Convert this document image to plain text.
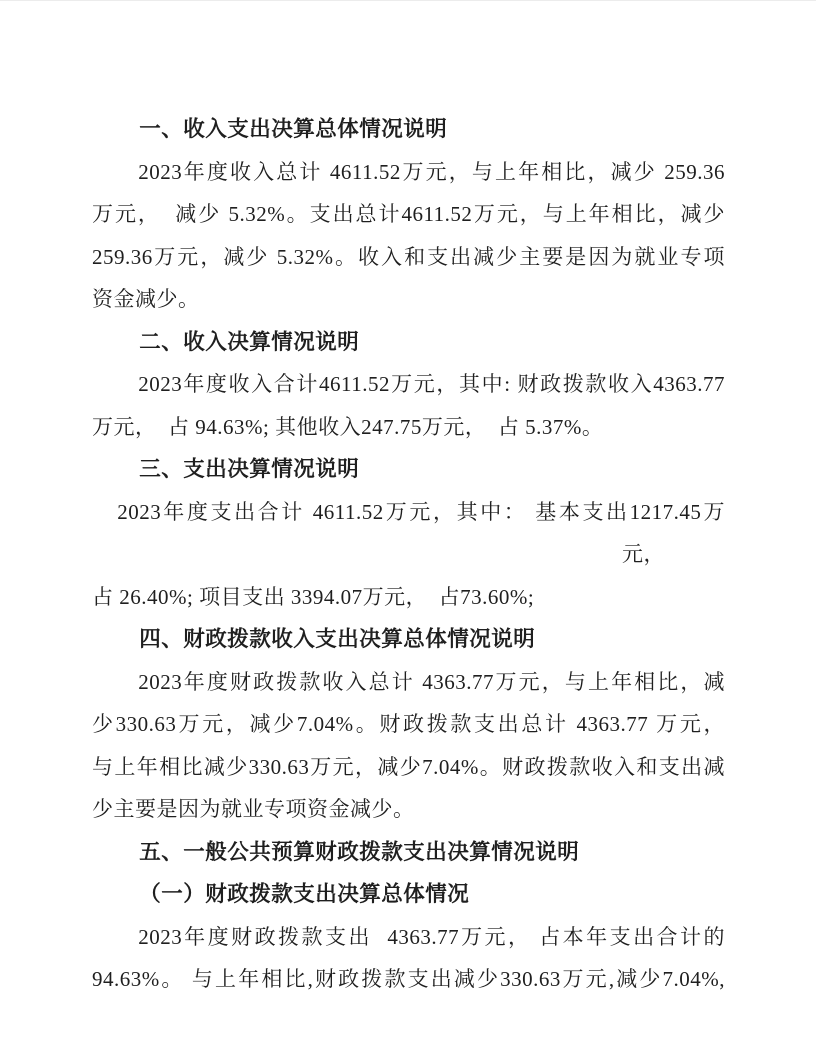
一、收入支出决算总体情况说明
2023年度收入总计 4611.52万元，与上年相比，减少 259.36
万元，  减少 5.32%。支出总计4611.52万元，与上年相比，减少
259.36万元，减少 5.32%。收入和支出减少主要是因为就业专项
资金减少。
二、收入决算情况说明
2023年度收入合计4611.52万元，其中: 财政拨款收入4363.77
万元，  占 94.63%; 其他收入247.75万元，  占 5.37%。
三、支出决算情况说明
2023年度支出合计 4611.52万元，其中： 基本支出1217.45万
元，
占 26.40%; 项目支出 3394.07万元，  占73.60%;
四、财政拨款收入支出决算总体情况说明
2023年度财政拨款收入总计 4363.77万元，与上年相比，减
少330.63万元，减少7.04%。财政拨款支出总计 4363.77 万元，
与上年相比减少330.63万元，减少7.04%。财政拨款收入和支出减
少主要是因为就业专项资金减少。
五、一般公共预算财政拨款支出决算情况说明
（一）财政拨款支出决算总体情况
2023年度财政拨款支出  4363.77万元， 占本年支出合计的
94.63%。 与上年相比,财政拨款支出减少330.63万元,减少7.04%,
